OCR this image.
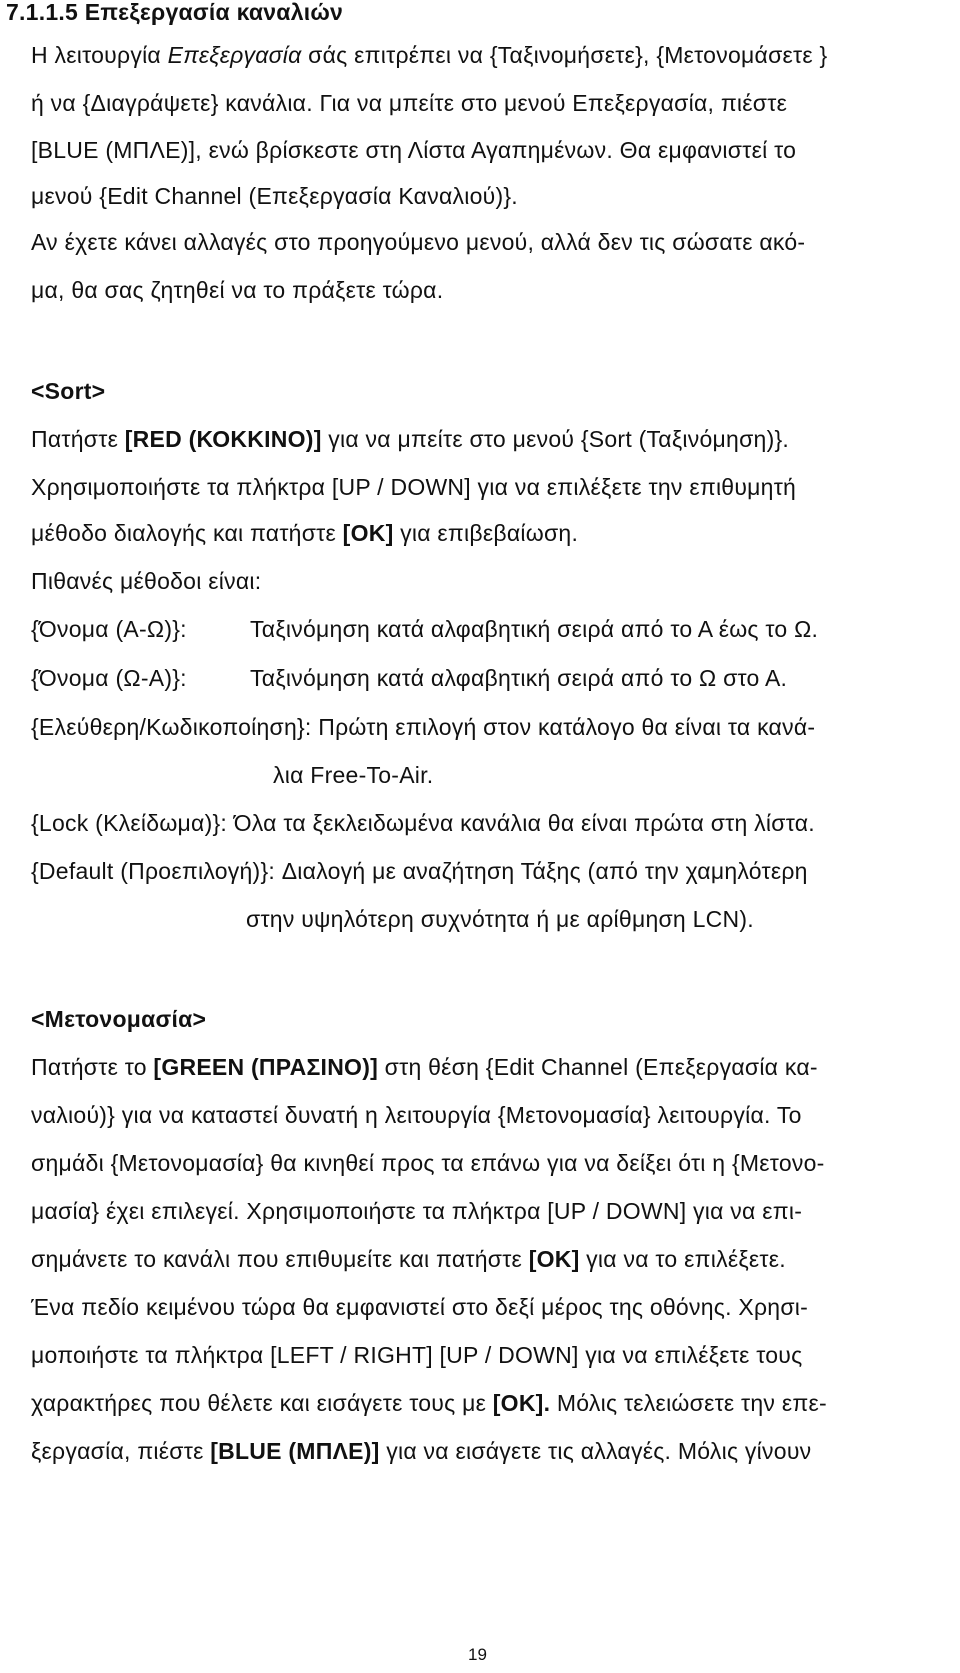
7.1.1.5 Επεξεργασία καναλιών
Η λειτουργία Επεξεργασία σάς επιτρέπει να {Ταξινομήσετε}, {Μετονομάσετε }
ή να {Διαγράψετε} κανάλια. Για να μπείτε στο μενού Επεξεργασία, πιέστε
[BLUE (ΜΠΛΕ)], ενώ βρίσκεστε στη Λίστα Αγαπημένων. Θα εμφανιστεί το
μενού {Edit Channel (Επεξεργασία Καναλιού)}.
Αν έχετε κάνει αλλαγές στο προηγούμενο μενού, αλλά δεν τις σώσατε ακό-
μα, θα σας ζητηθεί να το πράξετε τώρα.
<Sort>
Πατήστε [RED (ΚΟΚΚΙΝΟ)] για να μπείτε στο μενού {Sort (Ταξινόμηση)}.
Χρησιμοποιήστε τα πλήκτρα [UP / DOWN] για να επιλέξετε την επιθυμητή
μέθοδο διαλογής και πατήστε [OK] για επιβεβαίωση.
Πιθανές μέθοδοι είναι:
{Όνομα (Α-Ω)}:	Ταξινόμηση κατά αλφαβητική σειρά από το Α έως το Ω.
{Όνομα (Ω-Α)}:	Ταξινόμηση κατά αλφαβητική σειρά από το Ω στο Α.
{Ελεύθερη/Κωδικοποίηση}: Πρώτη επιλογή στον κατάλογο θα είναι τα κανά-
λια Free-To-Air.
{Lock (Κλείδωμα)}: Όλα τα ξεκλειδωμένα κανάλια θα είναι πρώτα στη λίστα.
{Default (Προεπιλογή)}: Διαλογή με αναζήτηση Τάξης (από την χαμηλότερη
στην υψηλότερη συχνότητα ή με αρίθμηση LCN).
<Μετονομασία>
Πατήστε το [GREEN (ΠΡΑΣΙΝΟ)] στη θέση {Edit Channel (Επεξεργασία κα-
ναλιού)} για να καταστεί δυνατή η λειτουργία {Μετονομασία} λειτουργία. Το
σημάδι {Μετονομασία} θα κινηθεί προς τα επάνω για να δείξει ότι η {Μετονο-
μασία} έχει επιλεγεί. Χρησιμοποιήστε τα πλήκτρα [UP / DOWN] για να επι-
σημάνετε το κανάλι που επιθυμείτε και πατήστε [OK] για να το επιλέξετε.
Ένα πεδίο κειμένου τώρα θα εμφανιστεί στο δεξί μέρος της οθόνης. Χρησι-
μοποιήστε τα πλήκτρα [LEFT / RIGHT] [UP / DOWN] για να επιλέξετε τους
χαρακτήρες που θέλετε και εισάγετε τους με [OK]. Μόλις τελειώσετε την επε-
ξεργασία, πιέστε [BLUE (ΜΠΛΕ)] για να εισάγετε τις αλλαγές. Μόλις γίνουν
19
